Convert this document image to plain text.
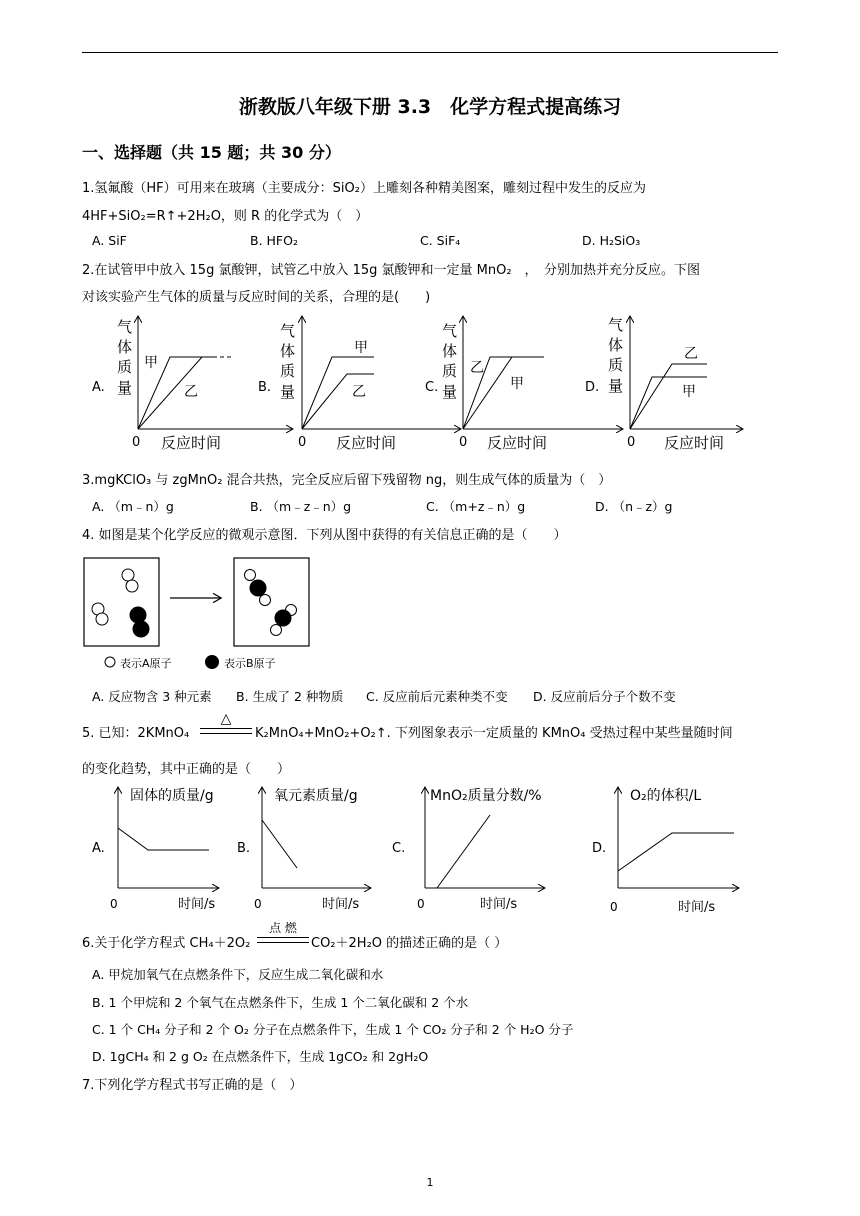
浙教版八年级下册 3.3　化学方程式提高练习
一、选择题（共 15 题；共 30 分）
1.氢氟酸（HF）可用来在玻璃（主要成分：SiO₂）上雕刻各种精美图案，雕刻过程中发生的反应为
4HF+SiO₂=R↑+2H₂O，则 R 的化学式为（　）
A. SiF	B. HFO₂	C. SiF₄	D. H₂SiO₃
2.在试管甲中放入 15g 氯酸钾，试管乙中放入 15g 氯酸钾和一定量 MnO₂　，　分别加热并充分反应。下图
对该实验产生气体的质量与反应时间的关系，合理的是(　　)
A.
气
体
质
量
甲
乙
0 反应时间
B.
气
体
质
量
甲
乙
0 反应时间
C.
气
体
质
量
乙
甲
0 反应时间
D.
气
体
质
量
乙
甲
0 反应时间
3.mgKClO₃ 与 zgMnO₂ 混合共热，完全反应后留下残留物 ng，则生成气体的质量为（　）
A. （m﹣n）g	B. （m﹣z﹣n）g	C. （m+z﹣n）g	D. （n﹣z）g
4. 如图是某个化学反应的微观示意图．下列从图中获得的有关信息正确的是（　　）
表示A原子	表示B原子
A. 反应物含 3 种元素 B. 生成了 2 种物质 C. 反应前后元素种类不变 D. 反应前后分子个数不变
5. 已知：2KMnO₄
△
K₂MnO₄+MnO₂+O₂↑. 下列图象表示一定质量的 KMnO₄ 受热过程中某些量随时间
的变化趋势，其中正确的是（　　）
A.
固体的质量/g
0	时间/s
B.
氧元素质量/g
0	时间/s
C.
MnO₂质量分数/%
0	时间/s
D.
O₂的体积/L
0	时间/s
6.关于化学方程式 CH₄＋2O₂
点 燃
CO₂＋2H₂O 的描述正确的是（ ）
A. 甲烷加氧气在点燃条件下，反应生成二氧化碳和水
B. 1 个甲烷和 2 个氧气在点燃条件下，生成 1 个二氧化碳和 2 个水
C. 1 个 CH₄ 分子和 2 个 O₂ 分子在点燃条件下，生成 1 个 CO₂ 分子和 2 个 H₂O 分子
D. 1gCH₄ 和 2 g O₂ 在点燃条件下，生成 1gCO₂ 和 2gH₂O
7.下列化学方程式书写正确的是（　）
1
